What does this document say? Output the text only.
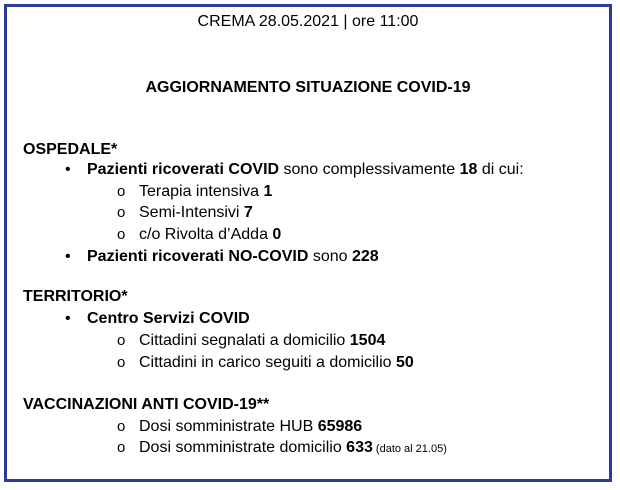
CREMA 28.05.2021 | ore 11:00
AGGIORNAMENTO SITUAZIONE COVID-19
OSPEDALE*
•Pazienti ricoverati COVID sono complessivamente 18 di cui:
oTerapia intensiva 1
oSemi-Intensivi 7
oc/o Rivolta d’Adda 0
•Pazienti ricoverati NO-COVID sono 228
TERRITORIO*
•Centro Servizi COVID
oCittadini segnalati a domicilio 1504
oCittadini in carico seguiti a domicilio 50
VACCINAZIONI ANTI COVID-19**
oDosi somministrate HUB 65986
oDosi somministrate domicilio 633 (dato al 21.05)
